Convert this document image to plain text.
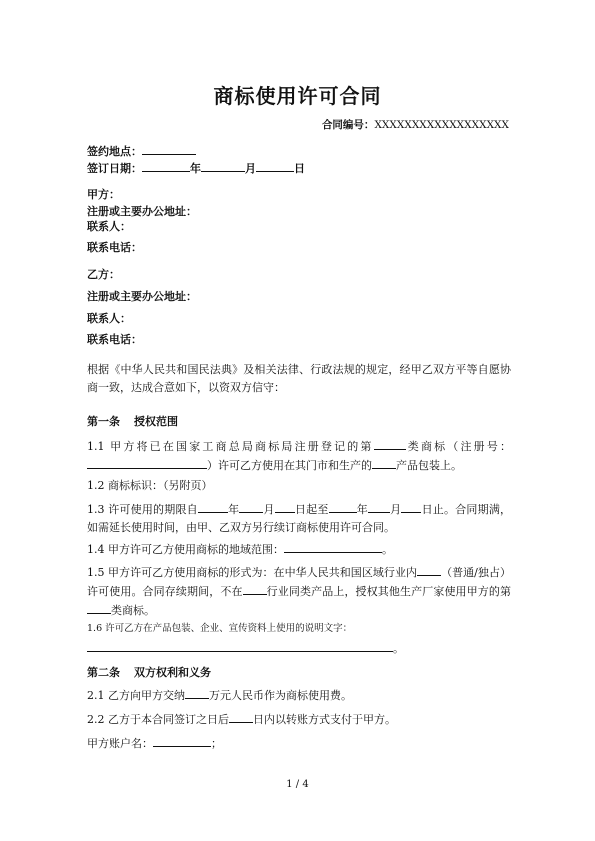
商标使用许可合同
合同编号：XXXXXXXXXXXXXXXXXX
签约地点：
签订日期：	年	月	日
甲方：
注册或主要办公地址：
联系人：
联系电话：
乙方：
注册或主要办公地址：
联系人：
联系电话：
根据《中华人民共和国民法典》及相关法律、行政法规的规定，经甲乙双方平等自愿协商一致，达成合意如下，以资双方信守：
第一条 授权范围
1.1 甲方将已在国家工商总局商标局注册登记的第	类商标（注册号：）许可乙方使用在其门市和生产的 产品包装上。
1.2 商标标识：（另附页）
1.3 许可使用的期限自	年 月 日起至	年 月 日止。合同期满，如需延长使用时间，由甲、乙双方另行续订商标使用许可合同。
1.4 甲方许可乙方使用商标的地域范围：	。
1.5 甲方许可乙方使用商标的形式为：在中华人民共和国区域行业内 （普通/独占）许可使用。合同存续期间，不在 行业同类产品上，授权其他生产厂家使用甲方的第类商标。
1.6 许可乙方在产品包装、企业、宣传资料上使用的说明文字：
。
第二条 双方权利和义务
2.1 乙方向甲方交纳 万元人民币作为商标使用费。
2.2 乙方于本合同签订之日后 日内以转账方式支付于甲方。
甲方账户名：	；
1 / 4
